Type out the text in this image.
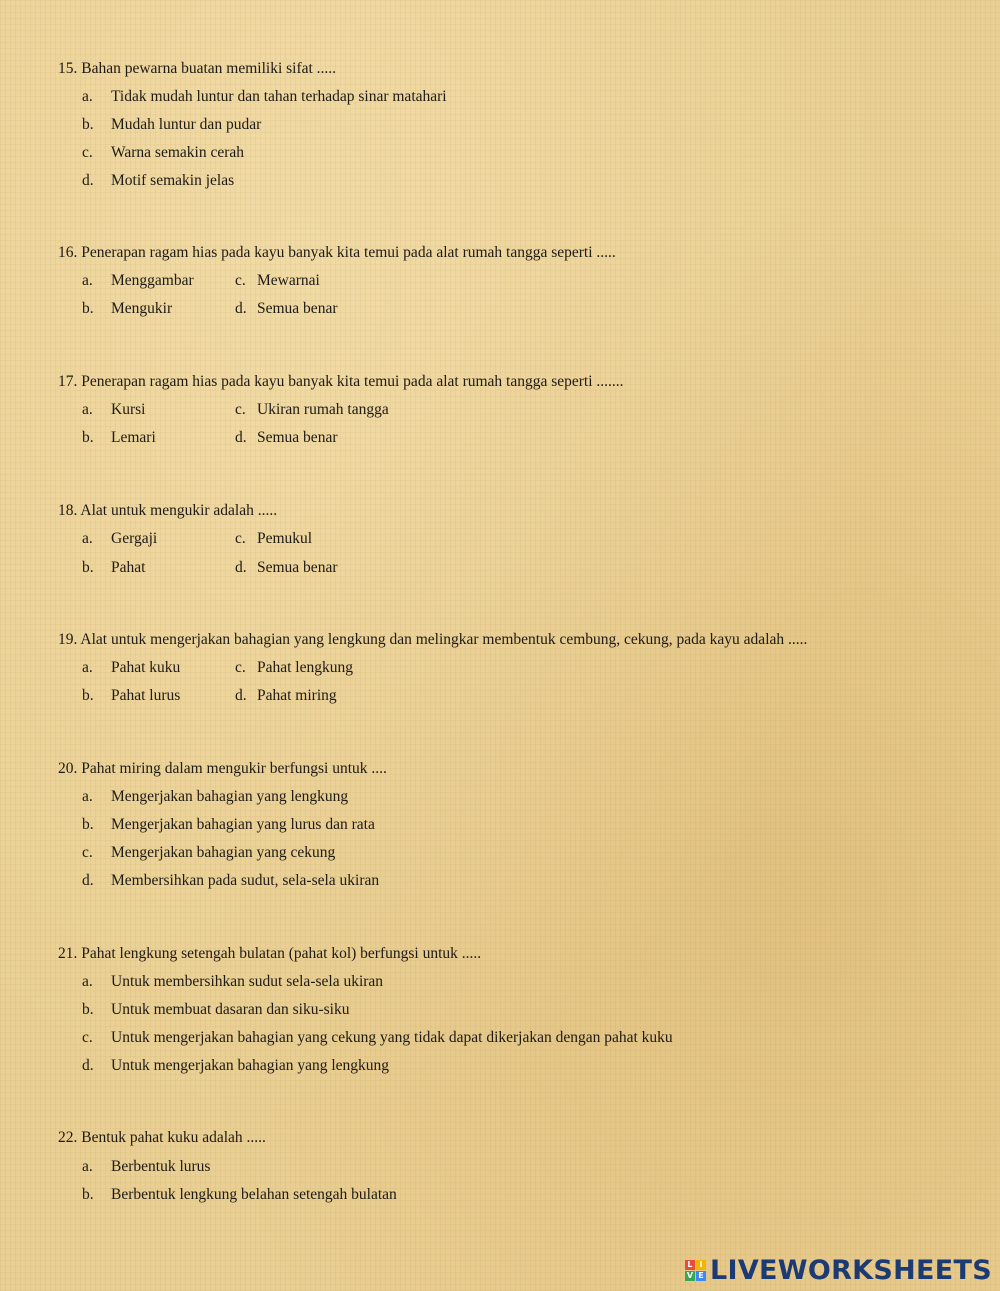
15. Bahan pewarna buatan memiliki sifat .....
a. Tidak mudah luntur dan tahan terhadap sinar matahari
b. Mudah luntur dan pudar
c. Warna semakin cerah
d. Motif semakin jelas
16. Penerapan ragam hias pada kayu banyak kita temui pada alat rumah tangga seperti .....
a. Menggambar	c. Mewarnai
b. Mengukir	d. Semua benar
17. Penerapan ragam hias pada kayu banyak kita temui pada alat rumah tangga seperti .......
a. Kursi	c. Ukiran rumah tangga
b. Lemari	d. Semua benar
18. Alat untuk mengukir adalah .....
a. Gergaji	c. Pemukul
b. Pahat	d. Semua benar
19. Alat untuk mengerjakan bahagian yang lengkung dan melingkar membentuk cembung, cekung, pada kayu adalah .....
a. Pahat kuku	c. Pahat lengkung
b. Pahat lurus	d. Pahat miring
20. Pahat miring dalam mengukir berfungsi untuk ....
a. Mengerjakan bahagian yang lengkung
b. Mengerjakan bahagian yang lurus dan rata
c. Mengerjakan bahagian yang cekung
d. Membersihkan pada sudut, sela-sela ukiran
21. Pahat lengkung setengah bulatan (pahat kol) berfungsi untuk .....
a. Untuk membersihkan sudut sela-sela ukiran
b. Untuk membuat dasaran dan siku-siku
c. Untuk mengerjakan bahagian yang cekung yang tidak dapat dikerjakan dengan pahat kuku
d. Untuk mengerjakan bahagian yang lengkung
22. Bentuk pahat kuku adalah .....
a. Berbentuk lurus
b. Berbentuk lengkung belahan setengah bulatan
L I
V E LIVEWORKSHEETS
